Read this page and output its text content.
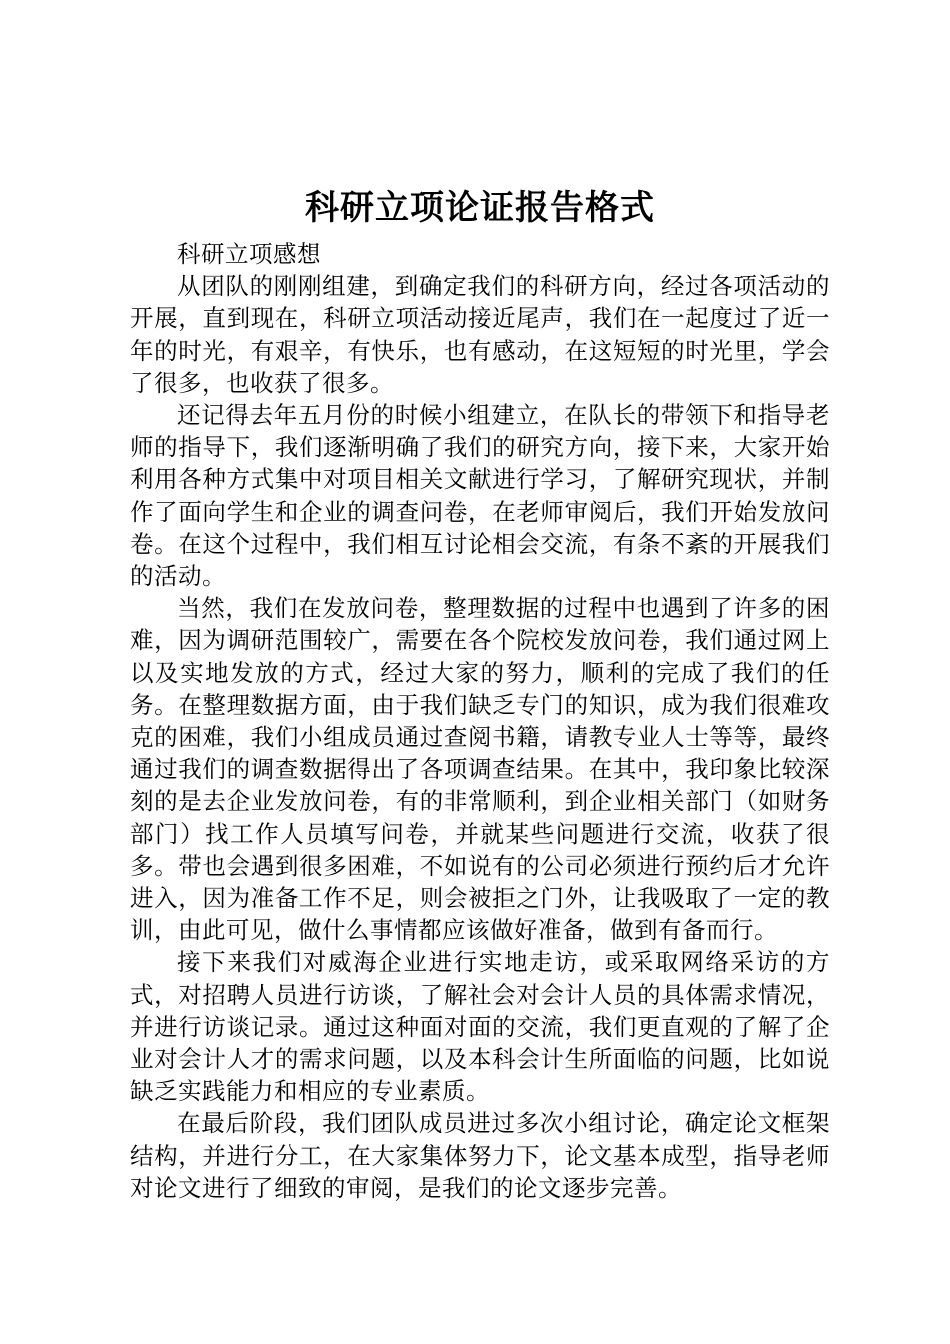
科研立项论证报告格式

科研立项感想

从团队的刚刚组建，到确定我们的科研方向，经过各项活动的开展，直到现在，科研立项活动接近尾声，我们在一起度过了近一年的时光，有艰辛，有快乐，也有感动，在这短短的时光里，学会了很多，也收获了很多。

还记得去年五月份的时候小组建立，在队长的带领下和指导老师的指导下，我们逐渐明确了我们的研究方向，接下来，大家开始利用各种方式集中对项目相关文献进行学习，了解研究现状，并制作了面向学生和企业的调查问卷，在老师审阅后，我们开始发放问卷。在这个过程中，我们相互讨论相会交流，有条不紊的开展我们的活动。

当然，我们在发放问卷，整理数据的过程中也遇到了许多的困难，因为调研范围较广，需要在各个院校发放问卷，我们通过网上以及实地发放的方式，经过大家的努力，顺利的完成了我们的任务。在整理数据方面，由于我们缺乏专门的知识，成为我们很难攻克的困难，我们小组成员通过查阅书籍，请教专业人士等等，最终通过我们的调查数据得出了各项调查结果。在其中，我印象比较深刻的是去企业发放问卷，有的非常顺利，到企业相关部门（如财务部门）找工作人员填写问卷，并就某些问题进行交流，收获了很多。带也会遇到很多困难，不如说有的公司必须进行预约后才允许进入，因为准备工作不足，则会被拒之门外，让我吸取了一定的教训，由此可见，做什么事情都应该做好准备，做到有备而行。

接下来我们对威海企业进行实地走访，或采取网络采访的方式，对招聘人员进行访谈，了解社会对会计人员的具体需求情况，并进行访谈记录。通过这种面对面的交流，我们更直观的了解了企业对会计人才的需求问题，以及本科会计生所面临的问题，比如说缺乏实践能力和相应的专业素质。

在最后阶段，我们团队成员进过多次小组讨论，确定论文框架结构，并进行分工，在大家集体努力下，论文基本成型，指导老师对论文进行了细致的审阅，是我们的论文逐步完善。
